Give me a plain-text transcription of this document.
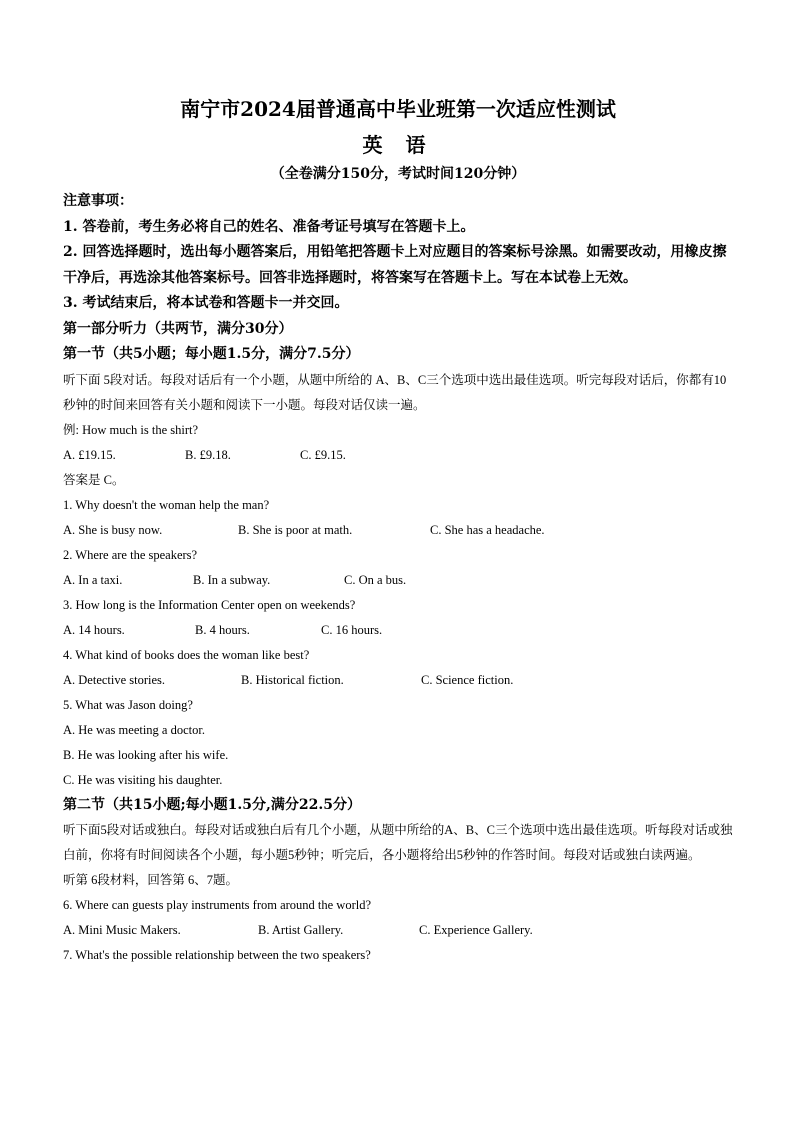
南宁市2024届普通高中毕业班第一次适应性测试

英 语

（全卷满分150分，考试时间120分钟）

注意事项：

1. 答卷前，考生务必将自己的姓名、准备考证号填写在答题卡上。

2. 回答选择题时，选出每小题答案后，用铅笔把答题卡上对应题目的答案标号涂黑。如需要改动，用橡皮擦干净后，再选涂其他答案标号。回答非选择题时，将答案写在答题卡上。写在本试卷上无效。

3. 考试结束后，将本试卷和答题卡一并交回。

第一部分听力（共两节，满分30分）

第一节（共5小题；每小题1.5分，满分7.5分）

听下面 5段对话。每段对话后有一个小题，从题中所给的 A、B、C三个选项中选出最佳选项。听完每段对话后，你都有10秒钟的时间来回答有关小题和阅读下一小题。每段对话仅读一遍。

例: How much is the shirt?

A. £19.15.	B. £9.18.	C. £9.15.

答案是 C。

1. Why doesn't the woman help the man?

A. She is busy now.	B. She is poor at math.	C. She has a headache.

2. Where are the speakers?

A. In a taxi.	B. In a subway.	C. On a bus.

3. How long is the Information Center open on weekends?

A. 14 hours.	B. 4 hours.	C. 16 hours.

4. What kind of books does the woman like best?

A. Detective stories.	B. Historical fiction.	C. Science fiction.

5. What was Jason doing?

A. He was meeting a doctor.

B. He was looking after his wife.

C. He was visiting his daughter.

第二节（共15小题;每小题1.5分,满分22.5分）

听下面5段对话或独白。每段对话或独白后有几个小题，从题中所给的A、B、C三个选项中选出最佳选项。听每段对话或独白前，你将有时间阅读各个小题，每小题5秒钟；听完后，各小题将给出5秒钟的作答时间。每段对话或独白读两遍。

听第 6段材料，回答第 6、7题。

6. Where can guests play instruments from around the world?

A. Mini Music Makers.	B. Artist Gallery.	C. Experience Gallery.

7. What's the possible relationship between the two speakers?
